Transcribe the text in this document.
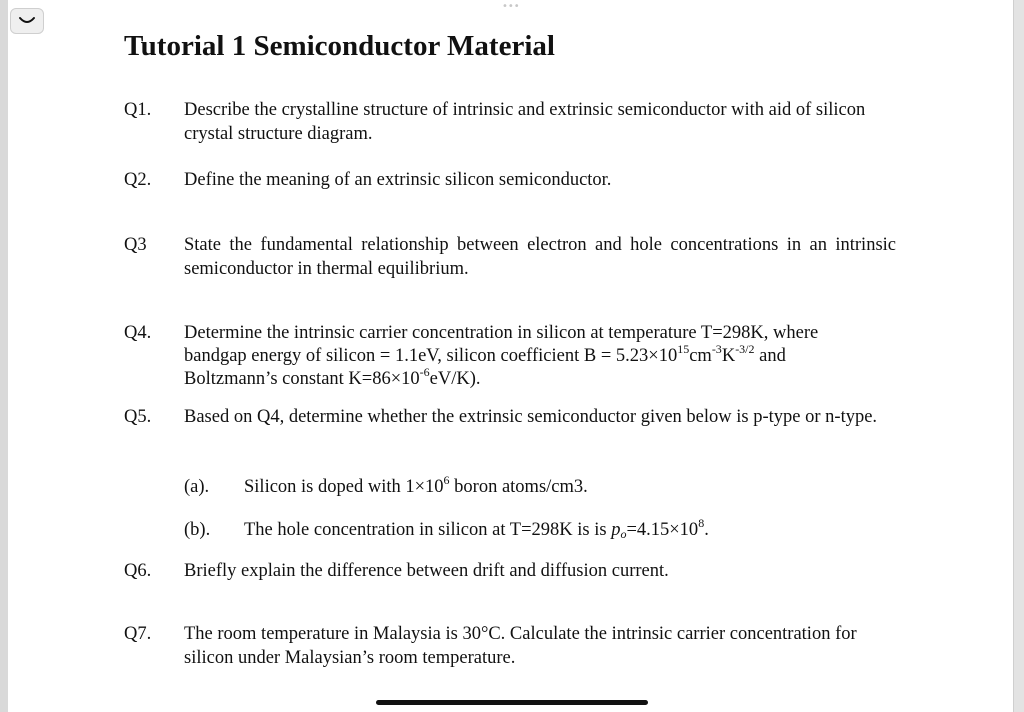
•••
Tutorial 1 Semiconductor Material
Q1.	Describe the crystalline structure of intrinsic and extrinsic semiconductor with aid of silicon crystal structure diagram.
Q2.	Define the meaning of an extrinsic silicon semiconductor.
Q3	State the fundamental relationship between electron and hole concentrations in an intrinsic semiconductor in thermal equilibrium.
Q4.	Determine the intrinsic carrier concentration in silicon at temperature T=298K, where
bandgap energy of silicon = 1.1eV, silicon coefficient $B = 5.23\times 10^{15}cm^{-3}K^{-3/2}$ and
Boltzmann’s constant $K=86\times 10^{-6}eV/K$).
Q5.	Based on Q4, determine whether the extrinsic semiconductor given below is p-type or n-type.
(a).	Silicon is doped with $1\times 10^6$ boron atoms/cm3.
(b).	The hole concentration in silicon at T=298K is is $p_o=4.15\times 10^8$.
Q6.	Briefly explain the difference between drift and diffusion current.
Q7.	The room temperature in Malaysia is 30°C. Calculate the intrinsic carrier concentration for silicon under Malaysian’s room temperature.
